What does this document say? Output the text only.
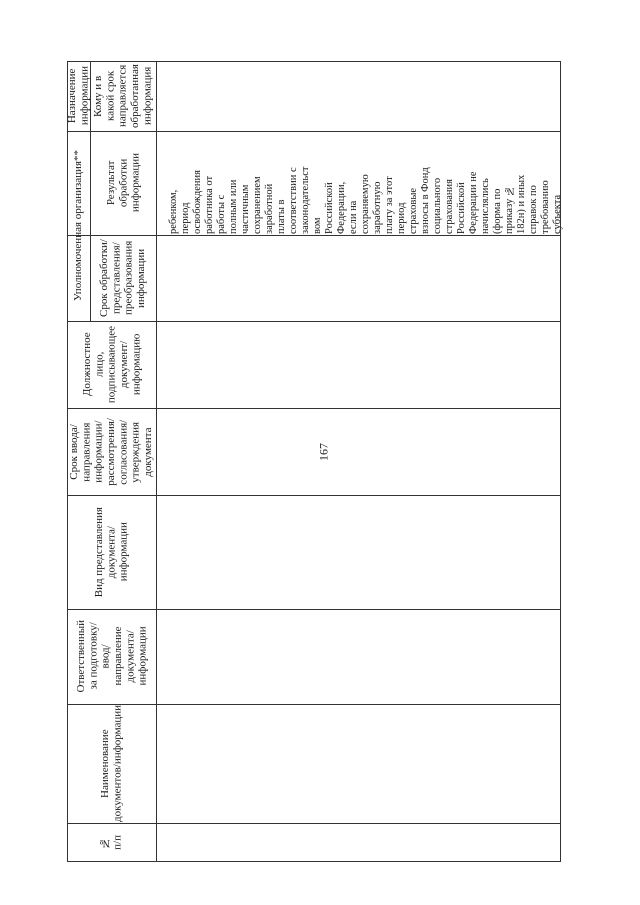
167
Назначение
информации Кому и в
какой срок
направляется
обработанная
информация
Уполномоченная организация** Результат
обработки
информации
Срок обработки/
представления/
преобразования
информации
Должностное
лицо,
подписывающее
документ/
информацию
Срок ввода/
направления
информации/
рассмотрения/
согласования/
утверждения
документа
Вид представления
документа/
информации
Ответственный
за подготовку/
ввод/
направление
документа/
информации
Наименование
документов/информации
№
п/п
ребенком,
период
освобождения
работника от
работы с
полным или
частичным
сохранением
заработной
платы в
соответствии с
законодательст
вом
Российской
Федерации,
если на
сохраняемую
заработную
плату за этот
период
страховые
взносы в Фонд
социального
страхования
Российской
Федерации не
начислялись
(форма по
приказу №
182н) и иных
справок по
требованию
субъекта
